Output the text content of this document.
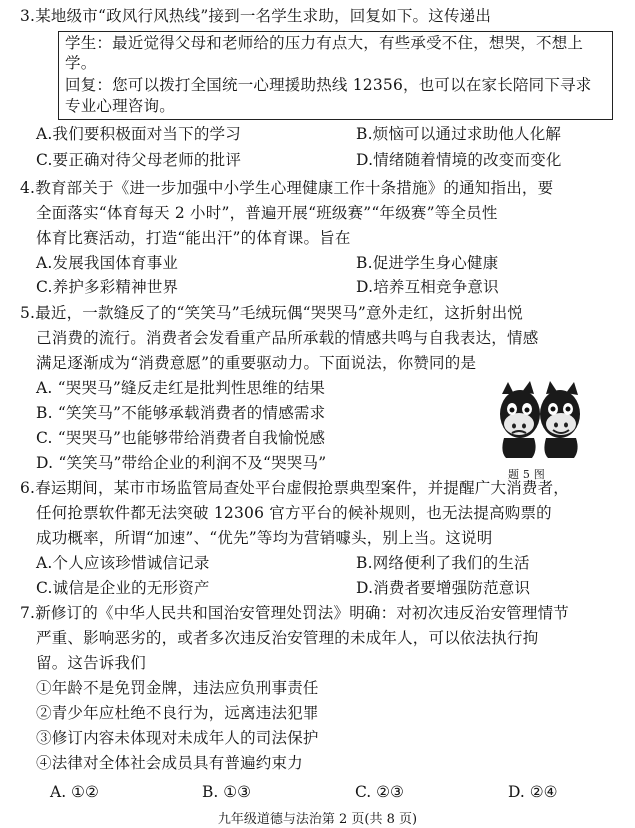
3.某地级市“政风行风热线”接到一名学生求助，回复如下。这传递出
学生：最近觉得父母和老师给的压力有点大，有些承受不住，想哭，不想上
学。
回复：您可以拨打全国统一心理援助热线 12356，也可以在家长陪同下寻求
专业心理咨询。
A.我们要积极面对当下的学习	B.烦恼可以通过求助他人化解
C.要正确对待父母老师的批评	D.情绪随着情境的改变而变化
4.教育部关于《进一步加强中小学生心理健康工作十条措施》的通知指出，要
全面落实“体育每天 2 小时”，普遍开展“班级赛”“年级赛”等全员性
体育比赛活动，打造“能出汗”的体育课。旨在
A.发展我国体育事业	B.促进学生身心健康
C.养护多彩精神世界	D.培养互相竞争意识
5.最近，一款缝反了的“笑笑马”毛绒玩偶“哭哭马”意外走红，这折射出悦
己消费的流行。消费者会发看重产品所承载的情感共鸣与自我表达，情感
满足逐渐成为“消费意愿”的重要驱动力。下面说法，你赞同的是
A. “哭哭马”缝反走红是批判性思维的结果
B. “笑笑马”不能够承载消费者的情感需求
C. “哭哭马”也能够带给消费者自我愉悦感
D. “笑笑马”带给企业的利润不及“哭哭马”
题 5 图
6.春运期间，某市市场监管局查处平台虚假抢票典型案件，并提醒广大消费者，
任何抢票软件都无法突破 12306 官方平台的候补规则，也无法提高购票的
成功概率，所谓“加速”、“优先”等均为营销噱头，别上当。这说明
A.个人应该珍惜诚信记录	B.网络便利了我们的生活
C.诚信是企业的无形资产	D.消费者要增强防范意识
7.新修订的《中华人民共和国治安管理处罚法》明确：对初次违反治安管理情节
严重、影响恶劣的，或者多次违反治安管理的未成年人，可以依法执行拘
留。这告诉我们
①年龄不是免罚金牌，违法应负刑事责任
②青少年应杜绝不良行为，远离违法犯罪
③修订内容未体现对未成年人的司法保护
④法律对全体社会成员具有普遍约束力
A. ①②	B. ①③	C. ②③	D. ②④
九年级道德与法治第 2 页(共 8 页)
